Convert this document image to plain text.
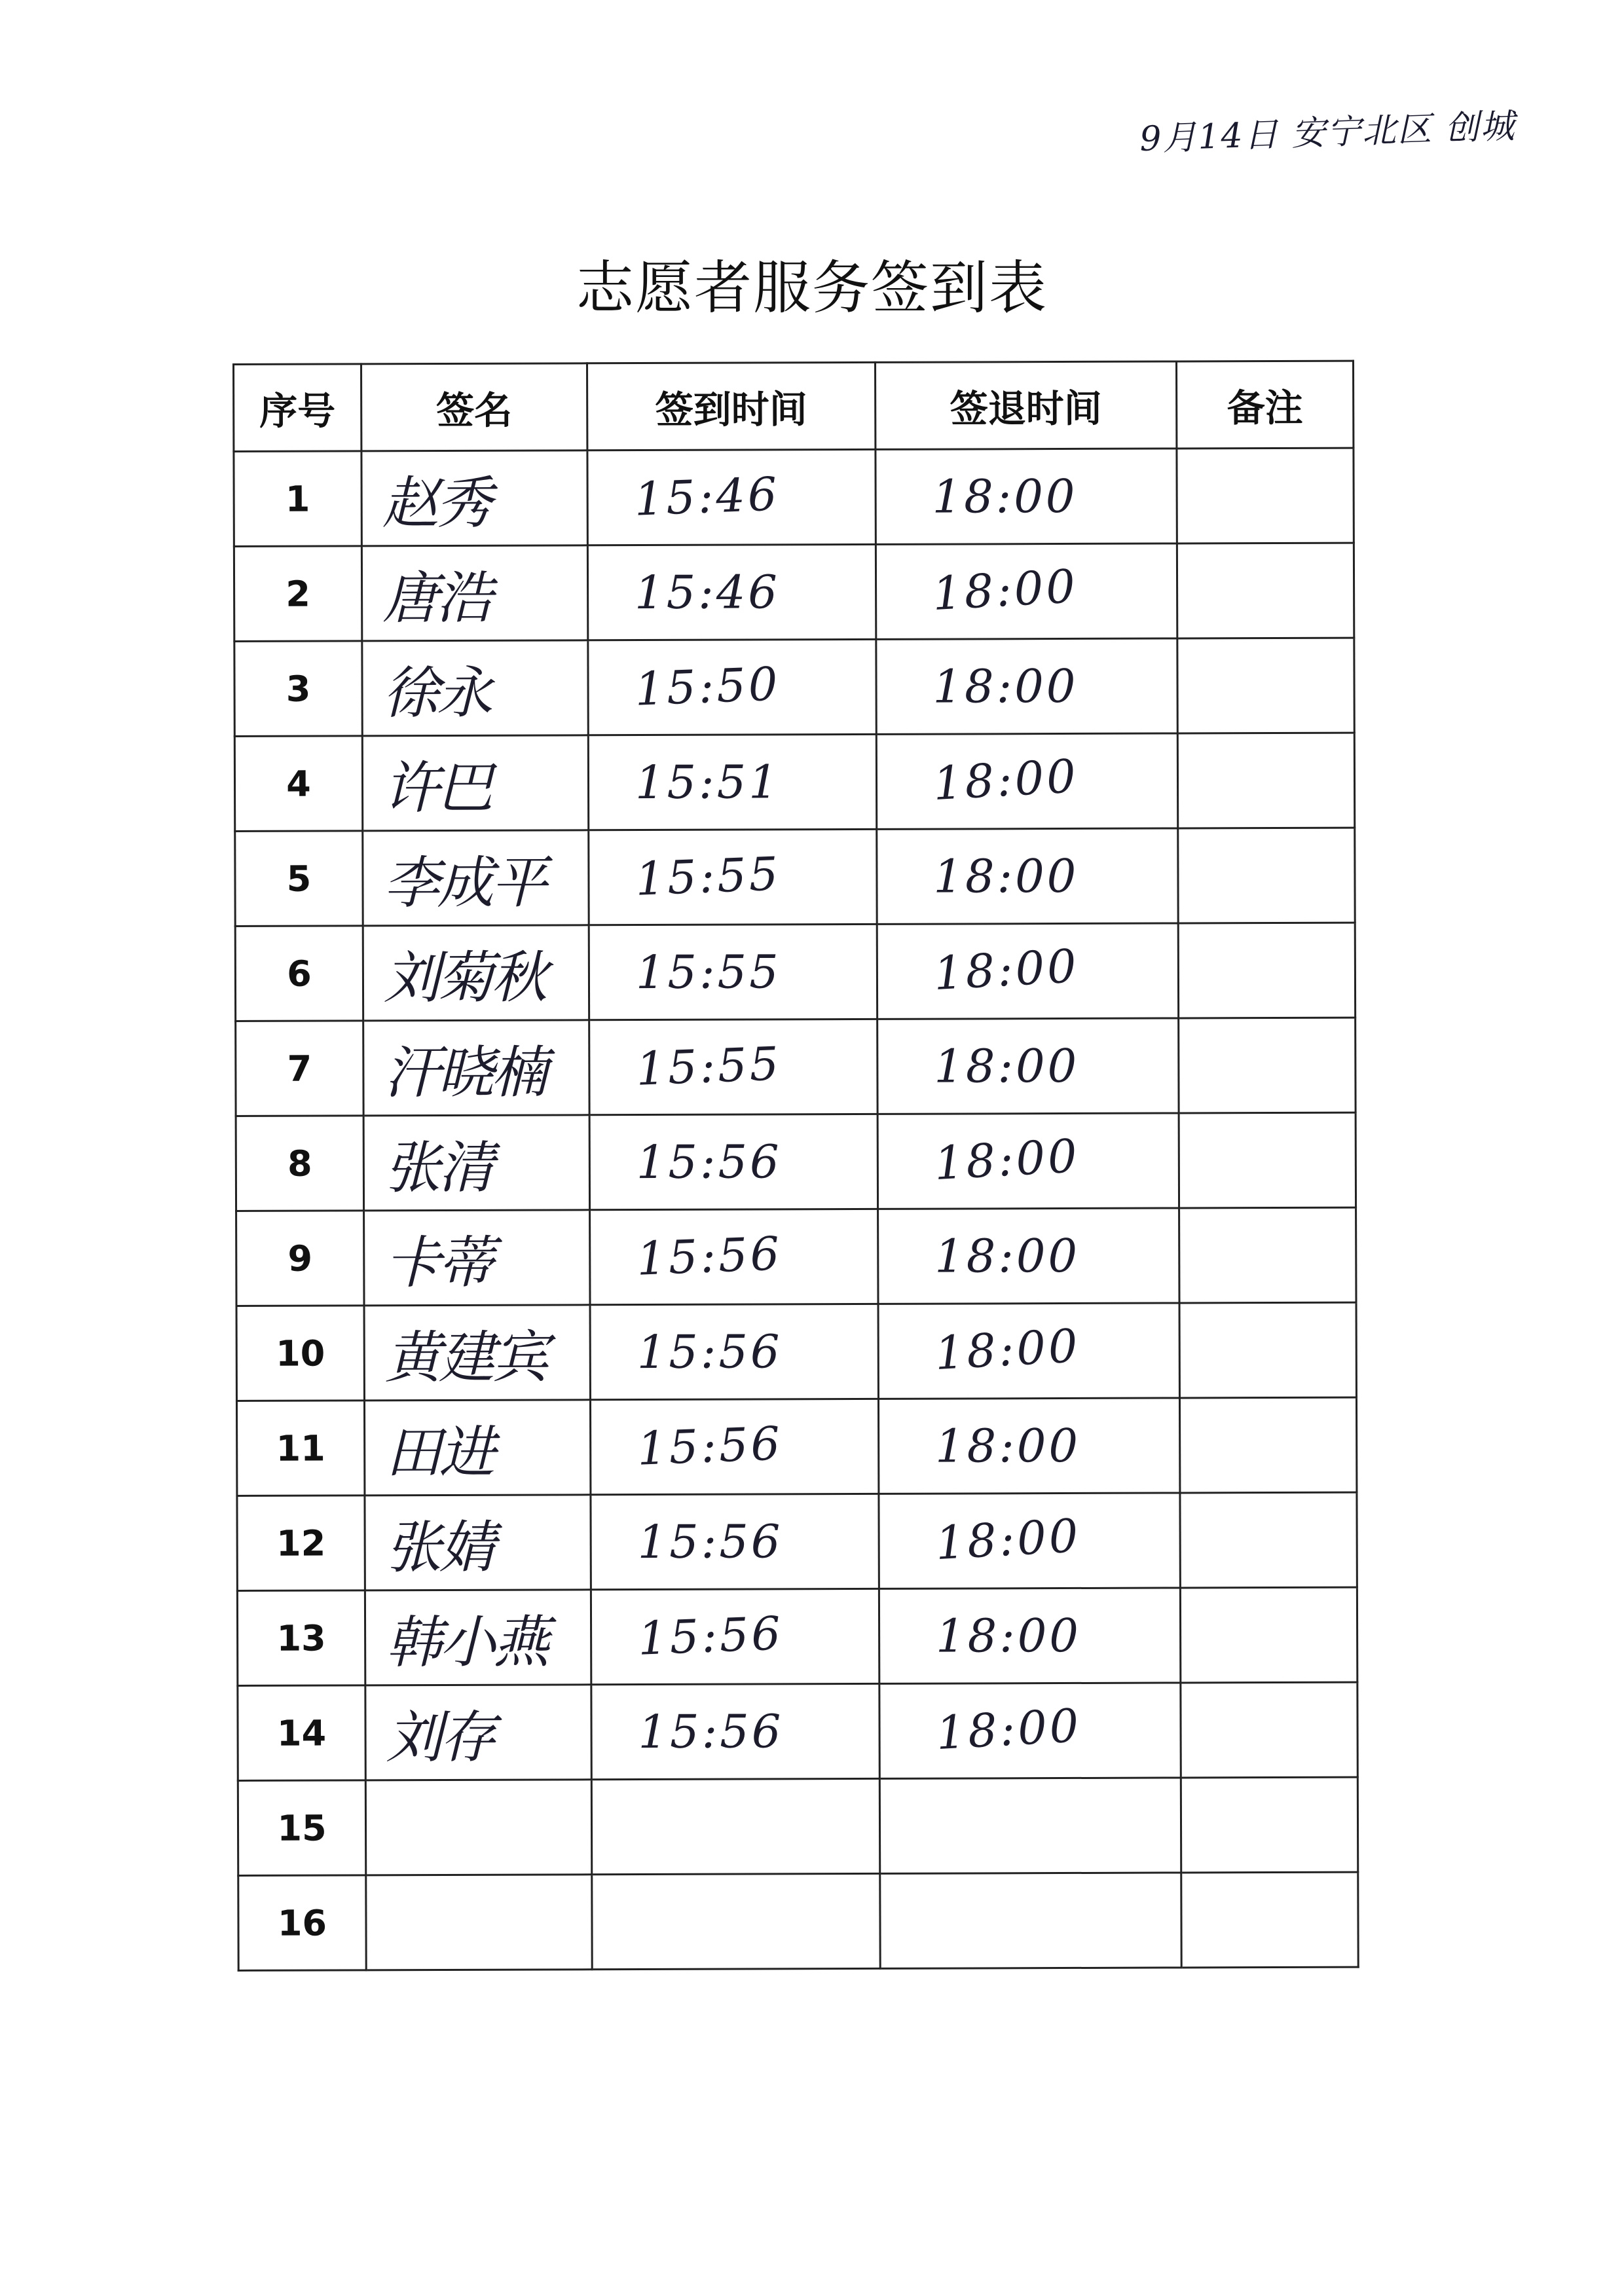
9月14日 安宁北区 创城
志愿者服务签到表
序号	签名	签到时间	签退时间	备注
1	赵秀	15:46	18:00	
2	唐浩	15:46	18:00	
3	徐永	15:50	18:00	
4	许巴	15:51	18:00	
5	李成平	15:55	18:00	
6	刘菊秋	15:55	18:00	
7	汗晓楠	15:55	18:00	
8	张清	15:56	18:00	
9	卡蒂	15:56	18:00	
10	黄建宾	15:56	18:00	
11	田进	15:56	18:00	
12	张婧	15:56	18:00	
13	韩小燕	15:56	18:00	
14	刘存	15:56	18:00	
15				
16				
